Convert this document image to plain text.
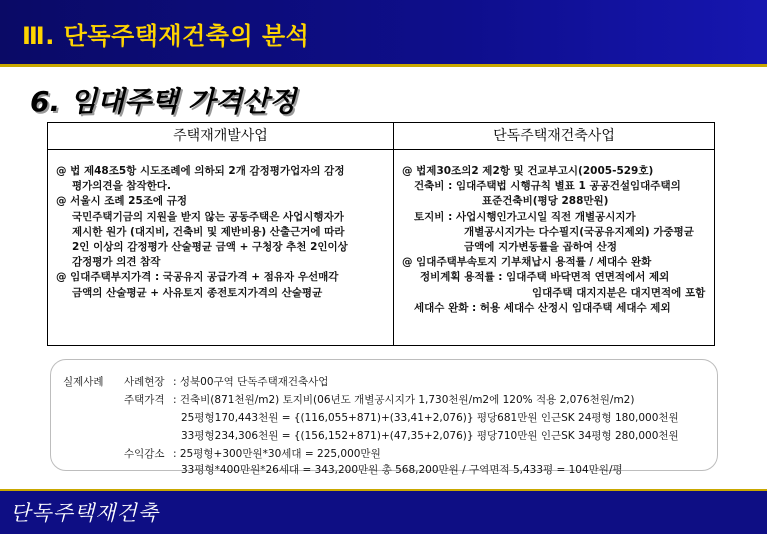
Ⅲ. 단독주택재건축의 분석
6. 임대주택 가격산정
주택재개발사업
@ 법 제48조5항 시도조례에 의하되 2개 감정평가업자의 감정
평가의견을 참작한다.
@ 서울시 조례 25조에 규정
국민주택기금의 지원을 받지 않는 공동주택은 사업시행자가
제시한 원가 (대지비, 건축비 및 제반비용) 산출근거에 따라
2인 이상의 감정평가 산술평균 금액 + 구청장 추천 2인이상
감정평가 의견 참작
@ 임대주택부지가격 : 국공유지 공급가격 + 점유자 우선매각
금액의 산술평균 + 사유토지 종전토지가격의 산술평균
단독주택재건축사업
@ 법제30조의2 제2항 및 건교부고시(2005-529호)
건축비 : 임대주택법 시행규칙 별표 1 공공건설임대주택의
표준건축비(평당 288만원)
토지비 : 사업시행인가고시일 직전 개별공시지가
개별공시지가는 다수필지(국공유지제외) 가중평균
금액에 지가변동률을 곱하여 산정
@ 임대주택부속토지 기부채납시 용적률 / 세대수 완화
정비계획 용적률 : 임대주택 바닥면적 연면적에서 제외
임대주택 대지지분은 대지면적에 포함
세대수 완화 : 허용 세대수 산정시 임대주택 세대수 제외
실제사례 사례현장 : 성북00구역 단독주택재건축사업
주택가격 : 건축비(871천원/m2) 토지비(06년도 개별공시지가 1,730천원/m2에 120% 적용 2,076천원/m2)
25평형170,443천원 = {(116,055+871)+(33,41+2,076)} 평당681만원 인근SK 24평형 180,000천원
33평형234,306천원 = {(156,152+871)+(47,35+2,076)} 평당710만원 인근SK 34평형 280,000천원
수익감소 : 25평형+300만원*30세대 = 225,000만원
33평형*400만원*26세대 = 343,200만원 총 568,200만원 / 구역면적 5,433평 = 104만원/평
단독주택재건축
